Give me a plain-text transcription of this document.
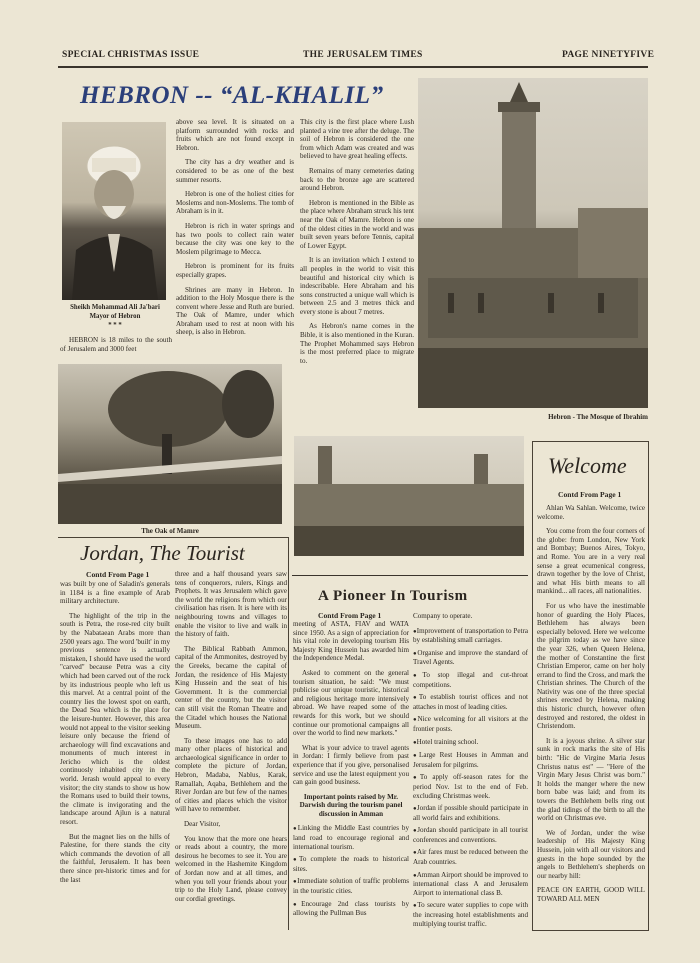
SPECIAL CHRISTMAS ISSUE	THE JERUSALEM TIMES	PAGE NINETYFIVE
HEBRON -- “AL-KHALIL”
Sheikh Mohammad Ali Ja'bari
Mayor of Hebron
* * *

HEBRON is 18 miles to the south of Jerusalem and 3000 feet

above sea level. It is situated on a platform surrounded with rocks and fruits which are not found except in Hebron.

The city has a dry weather and is considered to be as one of the best summer resorts.

Hebron is one of the holiest cities for Moslems and non-Moslems. The tomb of Abraham is in it.

Hebron is rich in water springs and has two pools to collect rain water because the city was one key to the Moslem pilgrimage to Mecca.

Hebron is prominent for its fruits especially grapes.

Shrines are many in Hebron. In addition to the Holy Mosque there is the convent where Jesse and Ruth are buried. The Oak of Mamre, under which Abraham used to rest at noon with his sheep, is also in Hebron.

This city is the first place where Lush planted a vine tree after the deluge. The soil of Hebron is considered the one from which Adam was created and was believed to have great healing effects.

Remains of many cemeteries dating back to the bronze age are scattered around Hebron.

Hebron is mentioned in the Bible as the place where Abraham struck his tent near the Oak of Mamre. Hebron is one of the oldest cities in the world and was built seven years before Tennis, capital of Lower Egypt.

It is an invitation which I extend to all peoples in the world to visit this beautiful and historical city which is indescribable. Here Abraham and his sons constructed a unique wall which is between 2.5 and 3 metres thick and every stone is about 7 metres.

As Hebron's name comes in the Bible, it is also mentioned in the Kuran. The Prophet Mohammed says Hebron is the most preferred place to migrate to.

Hebron - The Mosque of Ibrahim
The Oak of Mamre
Jordan, The Tourist
Contd From Page 1

was built by one of Saladin's generals in 1184 is a fine example of Arab military architecture.

The highlight of the trip in the south is Petra, the rose-red city built by the Nabataean Arabs more than 2500 years ago. The word 'built' in my previous sentence is actually mistaken, I should have used the word "carved" because Petra was a city which had been carved out of the rock by its industrious people who left us this marvel. At a central point of the country lies the lowest spot on earth, the Dead Sea which is the place for the leisure-hunter. However, this area would not appeal to the visitor seeking leisure only because the friend of archaeology will find excavations and monuments of much interest in Jericho which is the oldest continuosly inhabited city in the world. Jerash would appeal to every visitor; the city stands to show us how the Romans used to build their towns, the climate is invigorating and the landscape around Ajlun is a natural resort.

But the magnet lies on the hills of Palestine, for there stands the city which commands the devotion of all the faithful, Jerusalem. It has been there since pre-historic times and for the last

three and a half thousand years saw tens of conquerors, rulers, Kings and Prophets. It was Jerusalem which gave the world the religions from which our civilisation has risen. It is here with its neighbouring towns and villages to enable the visitor to live and walk in the history of faith.

The Biblical Rabbath Ammon, capital of the Ammonites, destroyed by the Greeks, became the capital of Jordan, the residence of His Majesty King Hussein and the seat of his Government. It is the commercial center of the country, but the visitor can still visit the Roman Theatre and the Citadel which houses the National Museum.

To these images one has to add many other places of historical and archaeological significance in order to complete the picture of Jordan, Hebron, Madaba, Nablus, Karak, Ramallah, Aqaba, Bethlehem and the River Jordan are but few of the names of cities and places which the visitor will have to remember.

Dear Visitor,

You know that the more one hears or reads about a country, the more desirous he becomes to see it. You are welcomed in the Hashemite Kingdom of Jordan now and at all times, and when you tell your friends about your trip to the Holy Land, please convey our cordial greetings.

A Pioneer In Tourism
Contd From Page 1

meeting of ASTA, FIAV and WATA since 1950. As a sign of appreciation for his vital role in developing tourism His Majesty King Hussein has awarded him the Independence Medal.

Asked to comment on the general tourism situation, he said: "We must publicise our unique touristic, historical and religious heritage more intensively abroad. We have reaped some of the rewards for this work, but we should continue our promotional campaigns all over the world to find new markets."

What is your advice to travel agents in Jordan: I firmly believe from past experience that if you give, personalised service and use the latest equipment you can gain good business.

Important points raised by Mr. Darwish during the tourism panel discussion in Amman

● Linking the Middle East countries by land road to encourage regional and international tourism.

● To complete the roads to historical sites.

● Immediate solution of traffic problems in the touristic cities.

● Encourage 2nd class tourists by allowing the Pullman Bus

Company to operate.

● Improvement of transportation to Petra by establishing small carriages.

● Organise and improve the standard of Travel Agents.

● To stop illegal and cut-throat competitions.

● To establish tourist offices and not attaches in most of leading cities.

● Nice welcoming for all visitors at the frontier posts.

● Hotel training school.

● Large Rest Houses in Amman and Jerusalem for pilgrims.

● To apply off-season rates for the period Nov. 1st to the end of Feb. excluding Christmas week.

● Jordan if possible should participate in all world fairs and exhibitions.

● Jordan should participate in all tourist conferences and conventions.

● Air fares must be reduced between the Arab countries.

● Amman Airport should be improved to international class A and Jerusalem Airport to international class B.

● To secure water supplies to cope with the increasing hotel establishments and multiplying tourist traffic.

Welcome
Contd From Page 1

Ahlan Wa Sahlan. Welcome, twice welcome.

You come from the four corners of the globe: from London, New York and Bombay; Buenos Aires, Tokyo, and Rome. You are in a very real sense a great ecumenical congress, drawn together by the love of Christ, and what His birth means to all mankind... all races, all nationalities.

For us who have the inestimable honor of guarding the Holy Places, Bethlehem has always been especially beloved. Here we welcome the pilgrim today as we have since the year 326, when Queen Helena, the mother of Constantine the first Christian Emperor, came on her holy errand to find the Cross, and mark the Christian shrines. The Church of the Nativity was one of the three special shrines erected by Helena, making this historic church, however often destroyed and restored, the oldest in Christendom.

It is a joyous shrine. A silver star sunk in rock marks the site of His birth: "Hic de Virgine Maria Jesus Christus natus est" — "Here of the Virgin Mary Jesus Christ was born." It holds the manger where the new born babe was laid; and from its towers the Bethlehem bells ring out the glad tidings of the birth to all the world on Christmas eve.

We of Jordan, under the wise leadership of His Majesty King Hussein, join with all our visitors and guests in the hope sounded by the angels to Bethlehem's shepherds on our nearby hill:

PEACE ON EARTH, GOOD WILL TOWARD ALL MEN
